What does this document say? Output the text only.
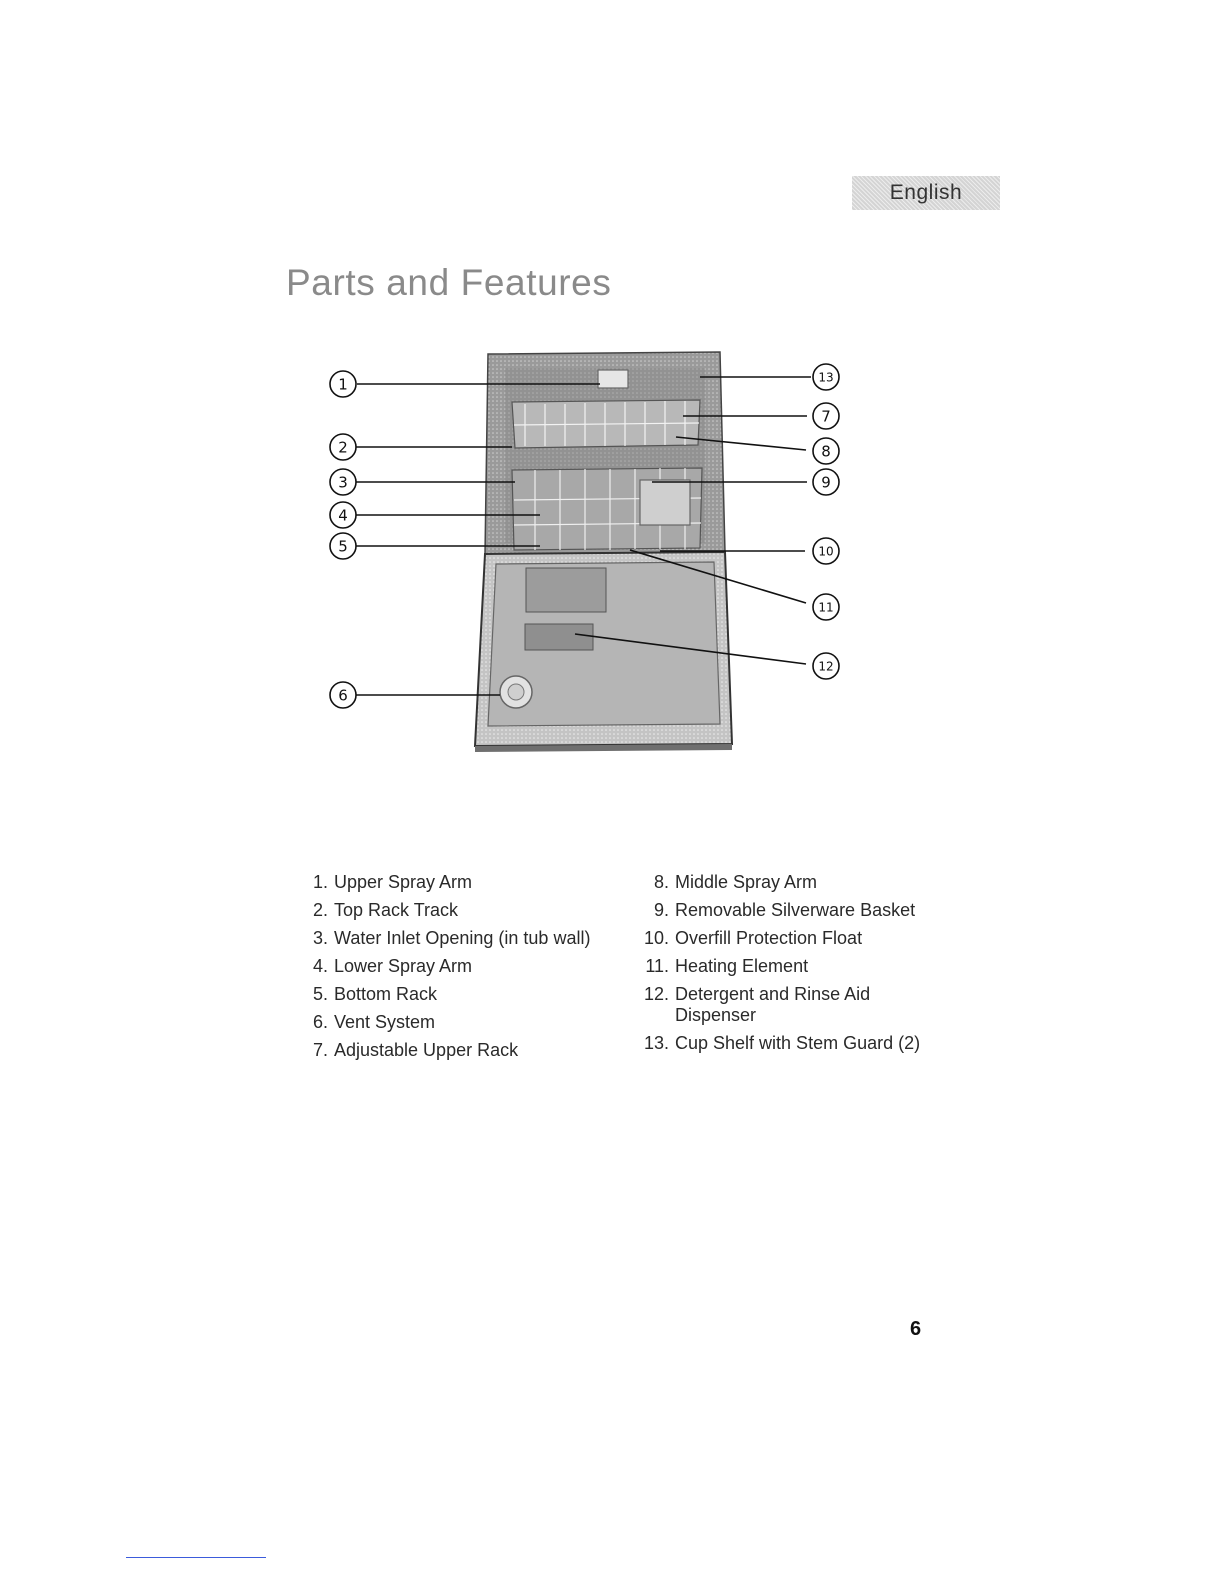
English
Parts and Features
1
2
3
4
5
6
7
8
9
10
11
12
13
1. Upper Spray Arm
2. Top Rack Track
3. Water Inlet Opening (in tub wall)
4. Lower Spray Arm
5. Bottom Rack
6. Vent System
7. Adjustable Upper Rack
8. Middle Spray Arm
9. Removable Silverware Basket
10. Overfill Protection Float
11. Heating Element
12. Detergent and Rinse Aid Dispenser
13. Cup Shelf with Stem Guard (2)
6
